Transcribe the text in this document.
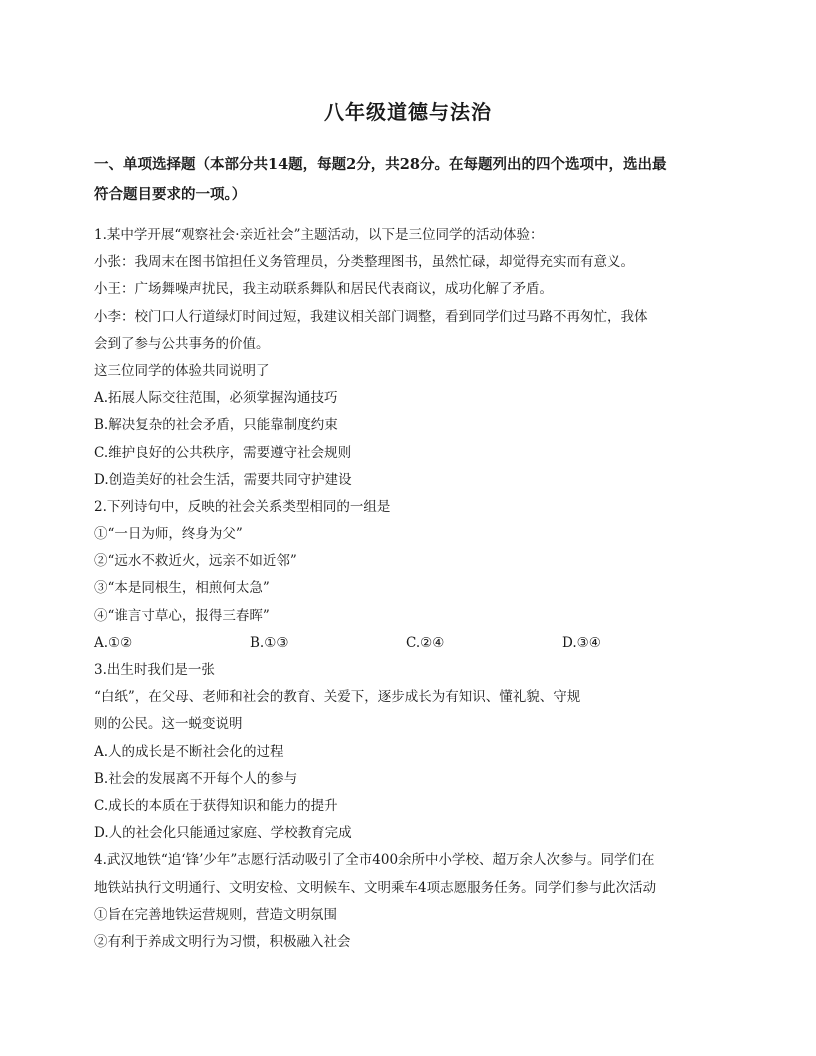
八年级道德与法治
一、单项选择题（本部分共14题，每题2分，共28分。在每题列出的四个选项中，选出最
符合题目要求的一项。）
1.某中学开展“观察社会·亲近社会”主题活动，以下是三位同学的活动体验：
小张：我周末在图书馆担任义务管理员，分类整理图书，虽然忙碌，却觉得充实而有意义。
小王：广场舞噪声扰民，我主动联系舞队和居民代表商议，成功化解了矛盾。
小李：校门口人行道绿灯时间过短，我建议相关部门调整，看到同学们过马路不再匆忙，我体
会到了参与公共事务的价值。
这三位同学的体验共同说明了
A.拓展人际交往范围，必须掌握沟通技巧
B.解决复杂的社会矛盾，只能靠制度约束
C.维护良好的公共秩序，需要遵守社会规则
D.创造美好的社会生活，需要共同守护建设
2.下列诗句中，反映的社会关系类型相同的一组是
①“一日为师，终身为父”
②“远水不救近火，远亲不如近邻”
③“本是同根生，相煎何太急”
④“谁言寸草心，报得三春晖”
A.①②	B.①③	C.②④	D.③④
3.出生时我们是一张
“白纸”，在父母、老师和社会的教育、关爱下，逐步成长为有知识、懂礼貌、守规
则的公民。这一蜕变说明
A.人的成长是不断社会化的过程
B.社会的发展离不开每个人的参与
C.成长的本质在于获得知识和能力的提升
D.人的社会化只能通过家庭、学校教育完成
4.武汉地铁“追‘锋’少年”志愿行活动吸引了全市400余所中小学校、超万余人次参与。同学们在
地铁站执行文明通行、文明安检、文明候车、文明乘车4项志愿服务任务。同学们参与此次活动
①旨在完善地铁运营规则，营造文明氛围
②有利于养成文明行为习惯，积极融入社会
